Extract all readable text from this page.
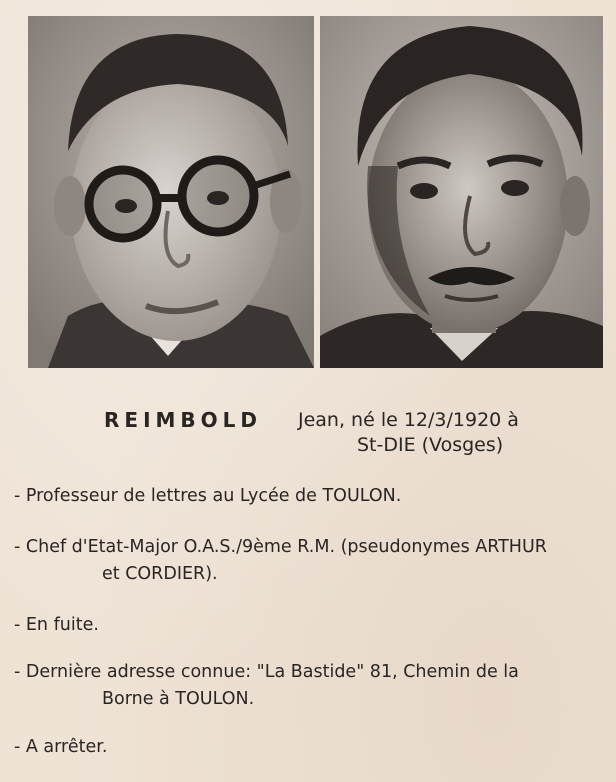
REIMBOLD Jean, né le 12/3/1920 à
St-DIE (Vosges)
- Professeur de lettres au Lycée de TOULON.
- Chef d'Etat-Major O.A.S./9ème R.M. (pseudonymes ARTHUR
et CORDIER).
- En fuite.
- Dernière adresse connue: "La Bastide" 81, Chemin de la
Borne à TOULON.
- A arrêter.
